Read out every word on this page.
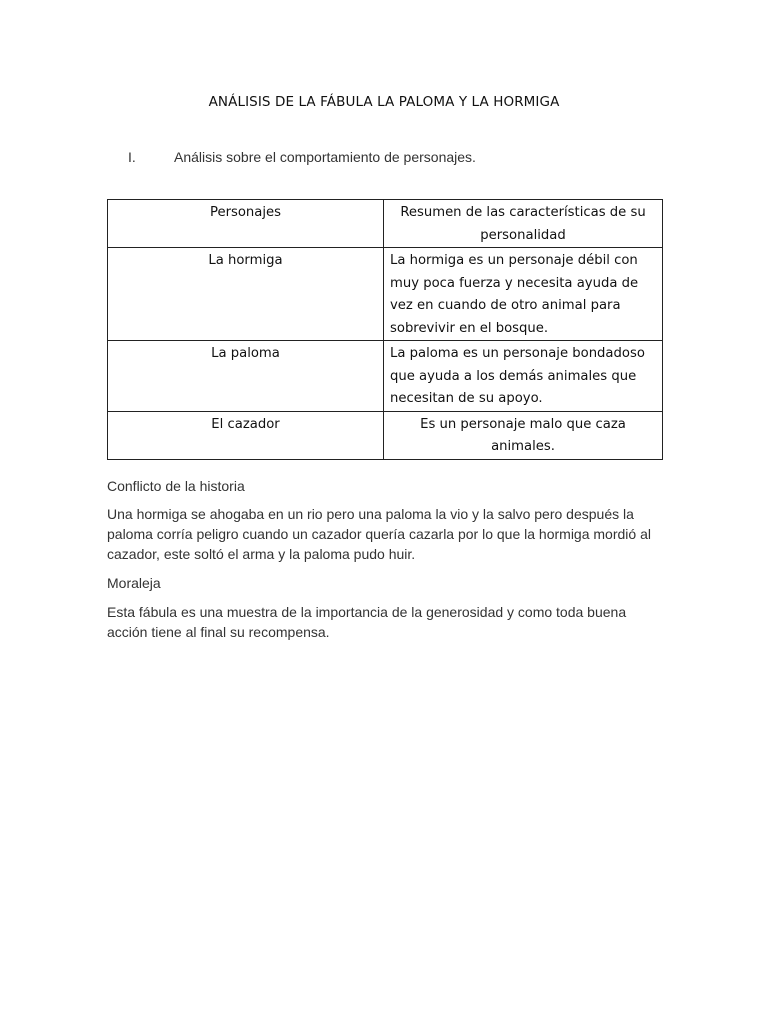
ANÁLISIS DE LA FÁBULA LA PALOMA Y LA HORMIGA
I.	Análisis sobre el comportamiento de personajes.
Personajes	Resumen de las características de su personalidad
La hormiga	La hormiga es un personaje débil con muy poca fuerza y necesita ayuda de vez en cuando de otro animal para sobrevivir en el bosque.
La paloma	La paloma es un personaje bondadoso que ayuda a los demás animales que necesitan de su apoyo.
El cazador	Es un personaje malo que caza animales.
Conflicto de la historia
Una hormiga se ahogaba en un rio pero una paloma la vio y la salvo pero después la paloma corría peligro cuando un cazador quería cazarla por lo que la hormiga mordió al cazador, este soltó el arma y la paloma pudo huir.
Moraleja
Esta fábula es una muestra de la importancia de la generosidad y como toda buena acción tiene al final su recompensa.
